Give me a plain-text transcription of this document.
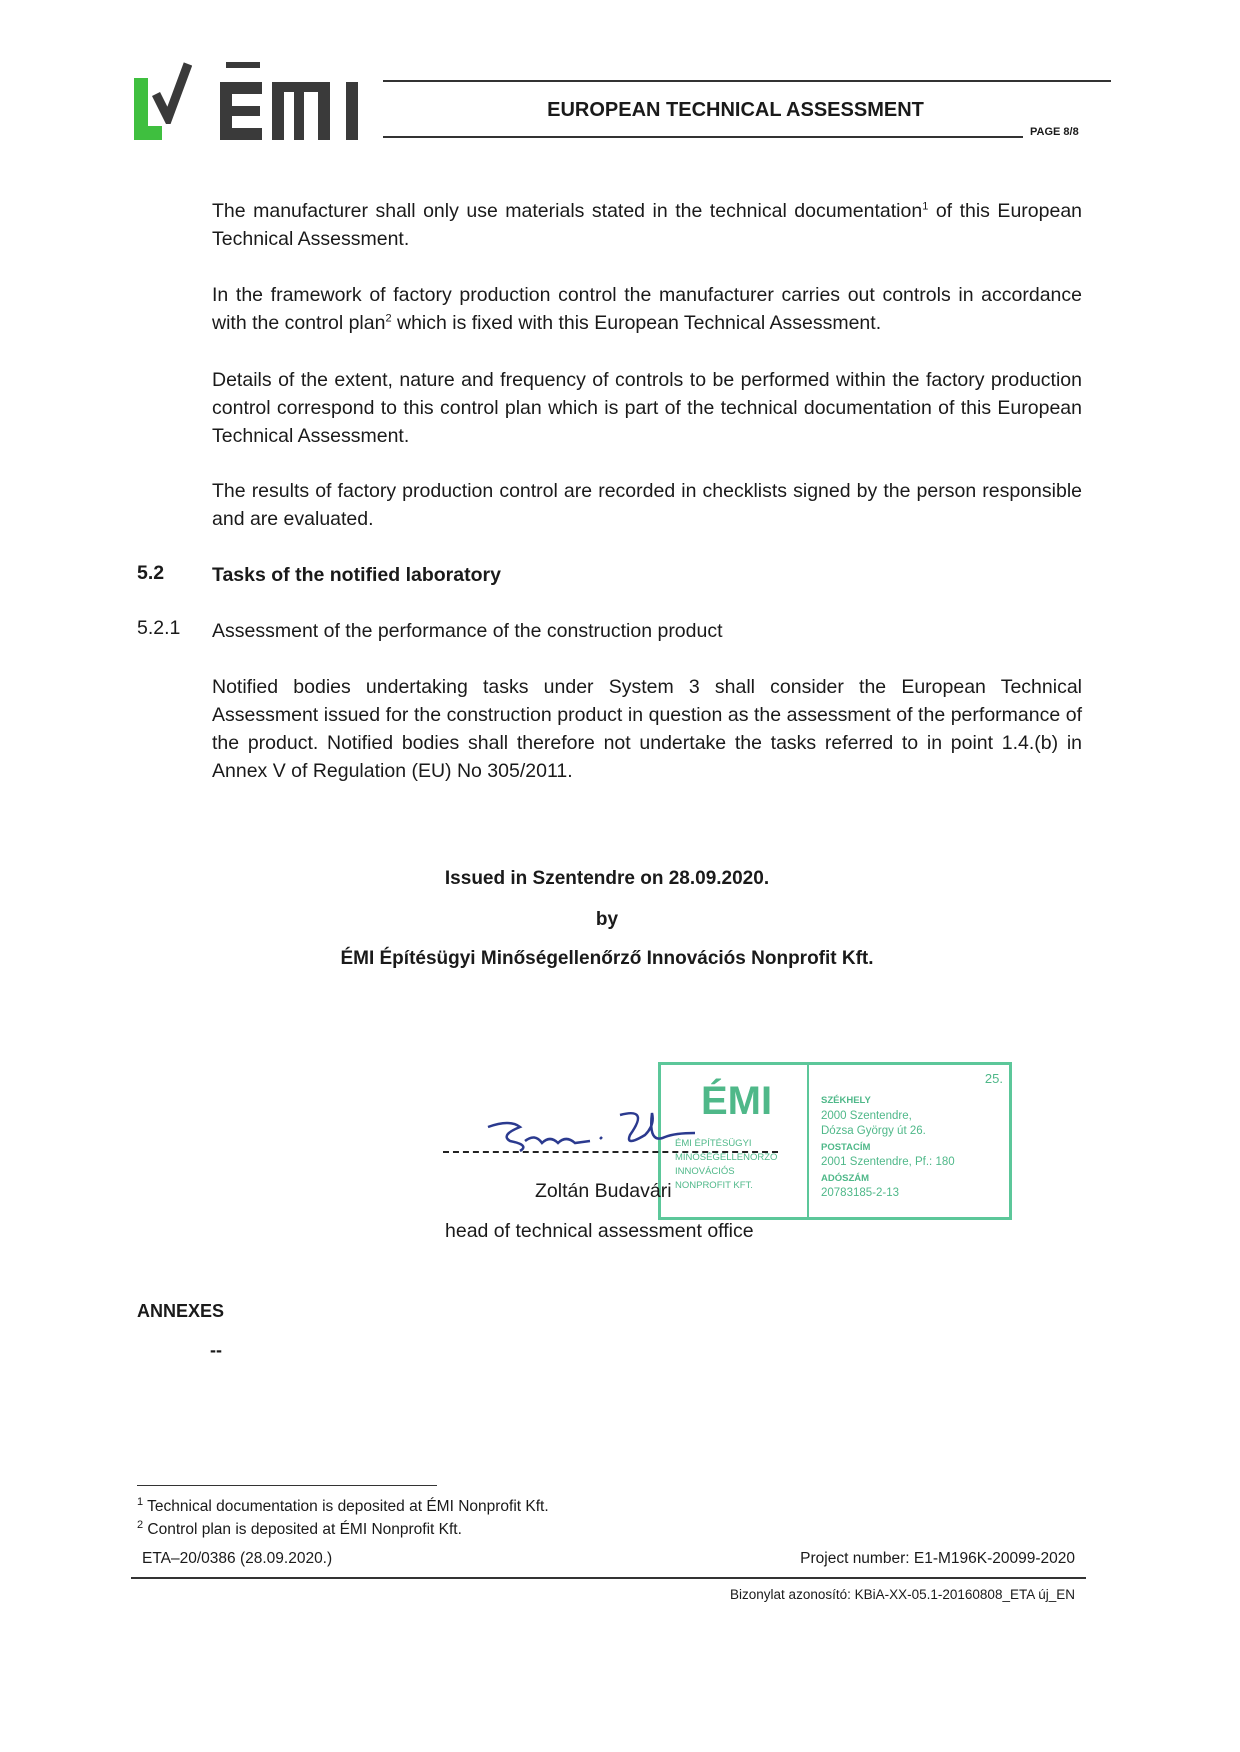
EUROPEAN TECHNICAL ASSESSMENT
PAGE 8/8
The manufacturer shall only use materials stated in the technical documentation$^1$ of this European Technical Assessment.
In the framework of factory production control the manufacturer carries out controls in accordance with the control plan$^2$ which is fixed with this European Technical Assessment.
Details of the extent, nature and frequency of controls to be performed within the factory production control correspond to this control plan which is part of the technical documentation of this European Technical Assessment.
The results of factory production control are recorded in checklists signed by the person responsible and are evaluated.
5.2 Tasks of the notified laboratory
5.2.1 Assessment of the performance of the construction product
Notified bodies undertaking tasks under System 3 shall consider the European Technical Assessment issued for the construction product in question as the assessment of the performance of the product. Notified bodies shall therefore not undertake the tasks referred to in point 1.4.(b) in Annex V of Regulation (EU) No 305/2011.
Issued in Szentendre on 28.09.2020.
by
ÉMI Építésügyi Minőségellenőrző Innovációs Nonprofit Kft.
ÉMI
ÉMI ÉPÍTÉSÜGYI
MINŐSÉGELLENŐRZŐ
INNOVÁCIÓS
NONPROFIT KFT.
25.
SZÉKHELY
2000 Szentendre,
Dózsa György út 26.
POSTACÍM
2001 Szentendre, Pf.: 180
ADÓSZÁM
20783185-2-13
Zoltán Budavári
head of technical assessment office
ANNEXES
--
$^1$ Technical documentation is deposited at ÉMI Nonprofit Kft.
$^2$ Control plan is deposited at ÉMI Nonprofit Kft.
ETA–20/0386 (28.09.2020.)	Project number: E1-M196K-20099-2020
Bizonylat azonosító: KBiA-XX-05.1-20160808_ETA új_EN
